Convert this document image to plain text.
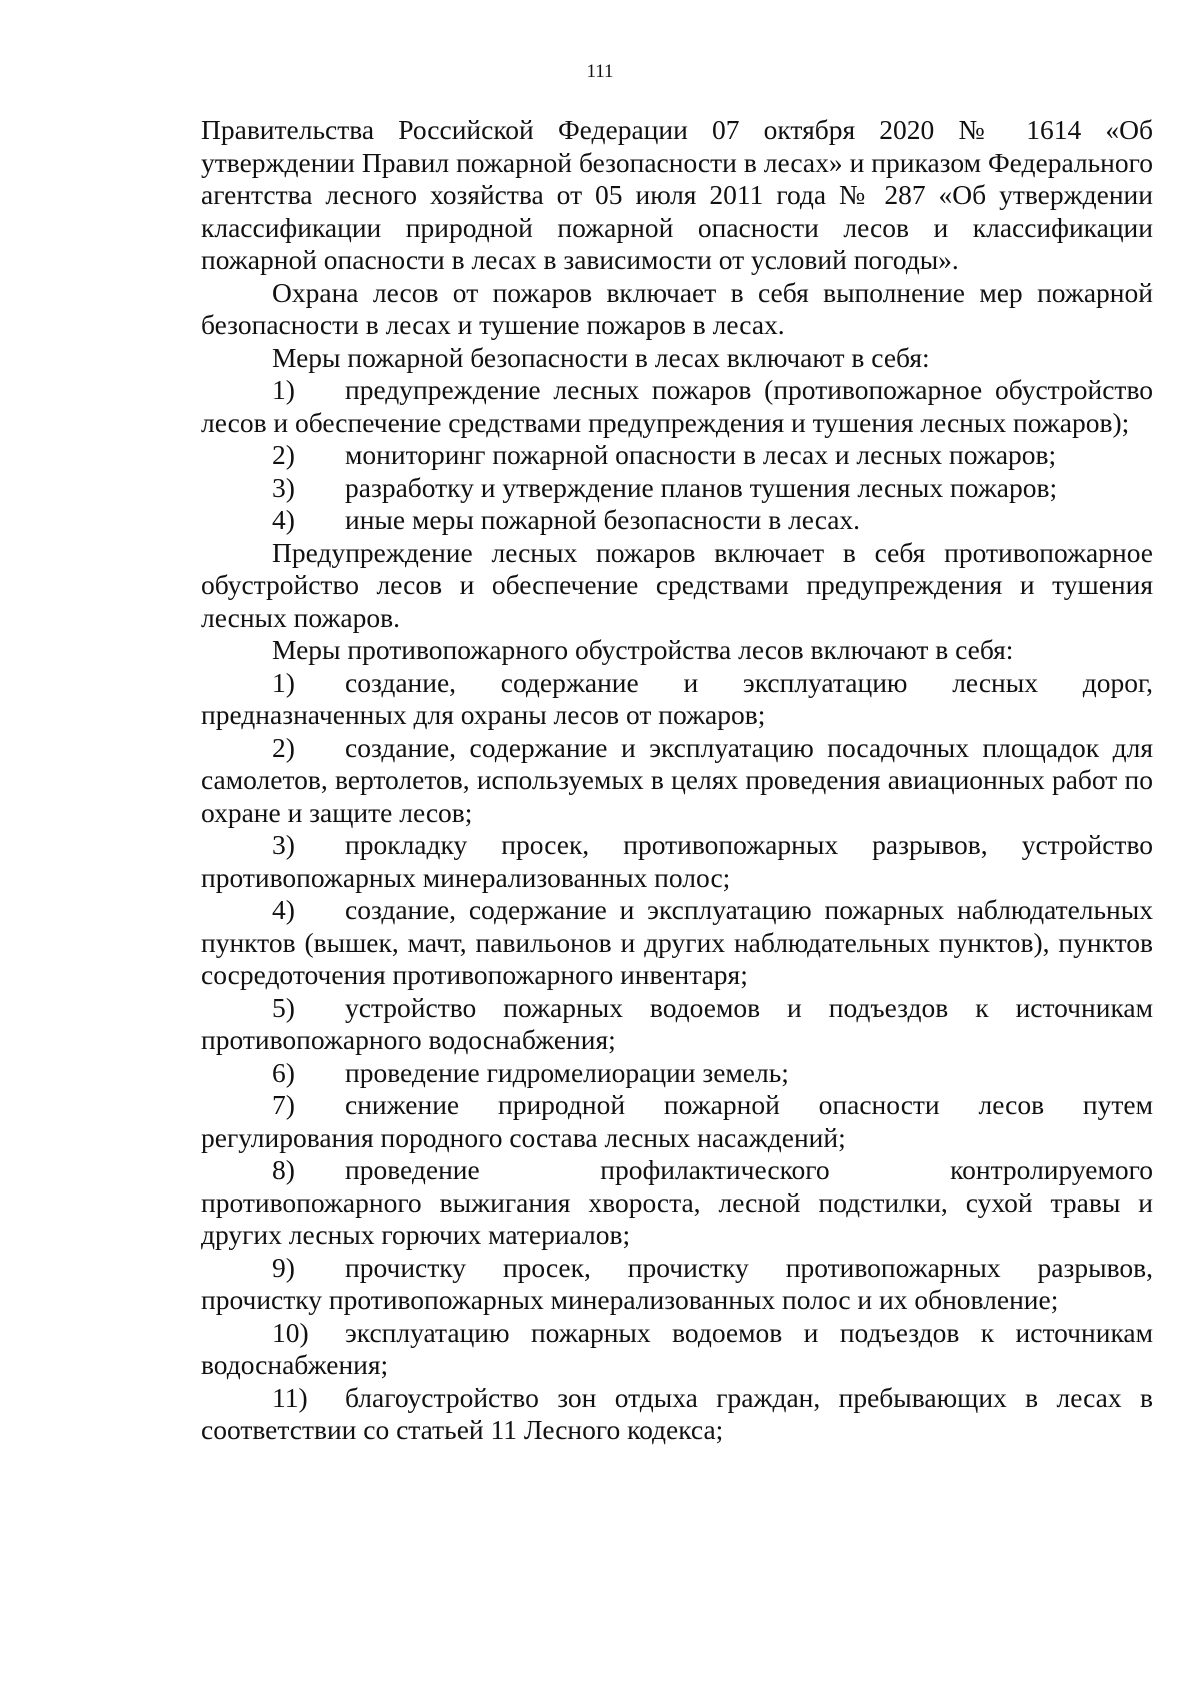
111

Правительства Российской Федерации 07 октября 2020 № 1614 «Об утверждении Правил пожарной безопасности в лесах» и приказом Федерального агентства лесного хозяйства от 05 июля 2011 года № 287 «Об утверждении классификации природной пожарной опасности лесов и классификации пожарной опасности в лесах в зависимости от условий погоды».

Охрана лесов от пожаров включает в себя выполнение мер пожарной безопасности в лесах и тушение пожаров в лесах.

Меры пожарной безопасности в лесах включают в себя:

1) предупреждение лесных пожаров (противопожарное обустройство лесов и обеспечение средствами предупреждения и тушения лесных пожаров);

2) мониторинг пожарной опасности в лесах и лесных пожаров;

3) разработку и утверждение планов тушения лесных пожаров;

4) иные меры пожарной безопасности в лесах.

Предупреждение лесных пожаров включает в себя противопожарное обустройство лесов и обеспечение средствами предупреждения и тушения лесных пожаров.

Меры противопожарного обустройства лесов включают в себя:

1) создание, содержание и эксплуатацию лесных дорог, предназначенных для охраны лесов от пожаров;

2) создание, содержание и эксплуатацию посадочных площадок для самолетов, вертолетов, используемых в целях проведения авиационных работ по охране и защите лесов;

3) прокладку просек, противопожарных разрывов, устройство противопожарных минерализованных полос;

4) создание, содержание и эксплуатацию пожарных наблюдательных пунктов (вышек, мачт, павильонов и других наблюдательных пунктов), пунктов сосредоточения противопожарного инвентаря;

5) устройство пожарных водоемов и подъездов к источникам противопожарного водоснабжения;

6) проведение гидромелиорации земель;

7) снижение природной пожарной опасности лесов путем регулирования породного состава лесных насаждений;

8) проведение профилактического контролируемого противопожарного выжигания хвороста, лесной подстилки, сухой травы и других лесных горючих материалов;

9) прочистку просек, прочистку противопожарных разрывов, прочистку противопожарных минерализованных полос и их обновление;

10) эксплуатацию пожарных водоемов и подъездов к источникам водоснабжения;

11) благоустройство зон отдыха граждан, пребывающих в лесах в соответствии со статьей 11 Лесного кодекса;
